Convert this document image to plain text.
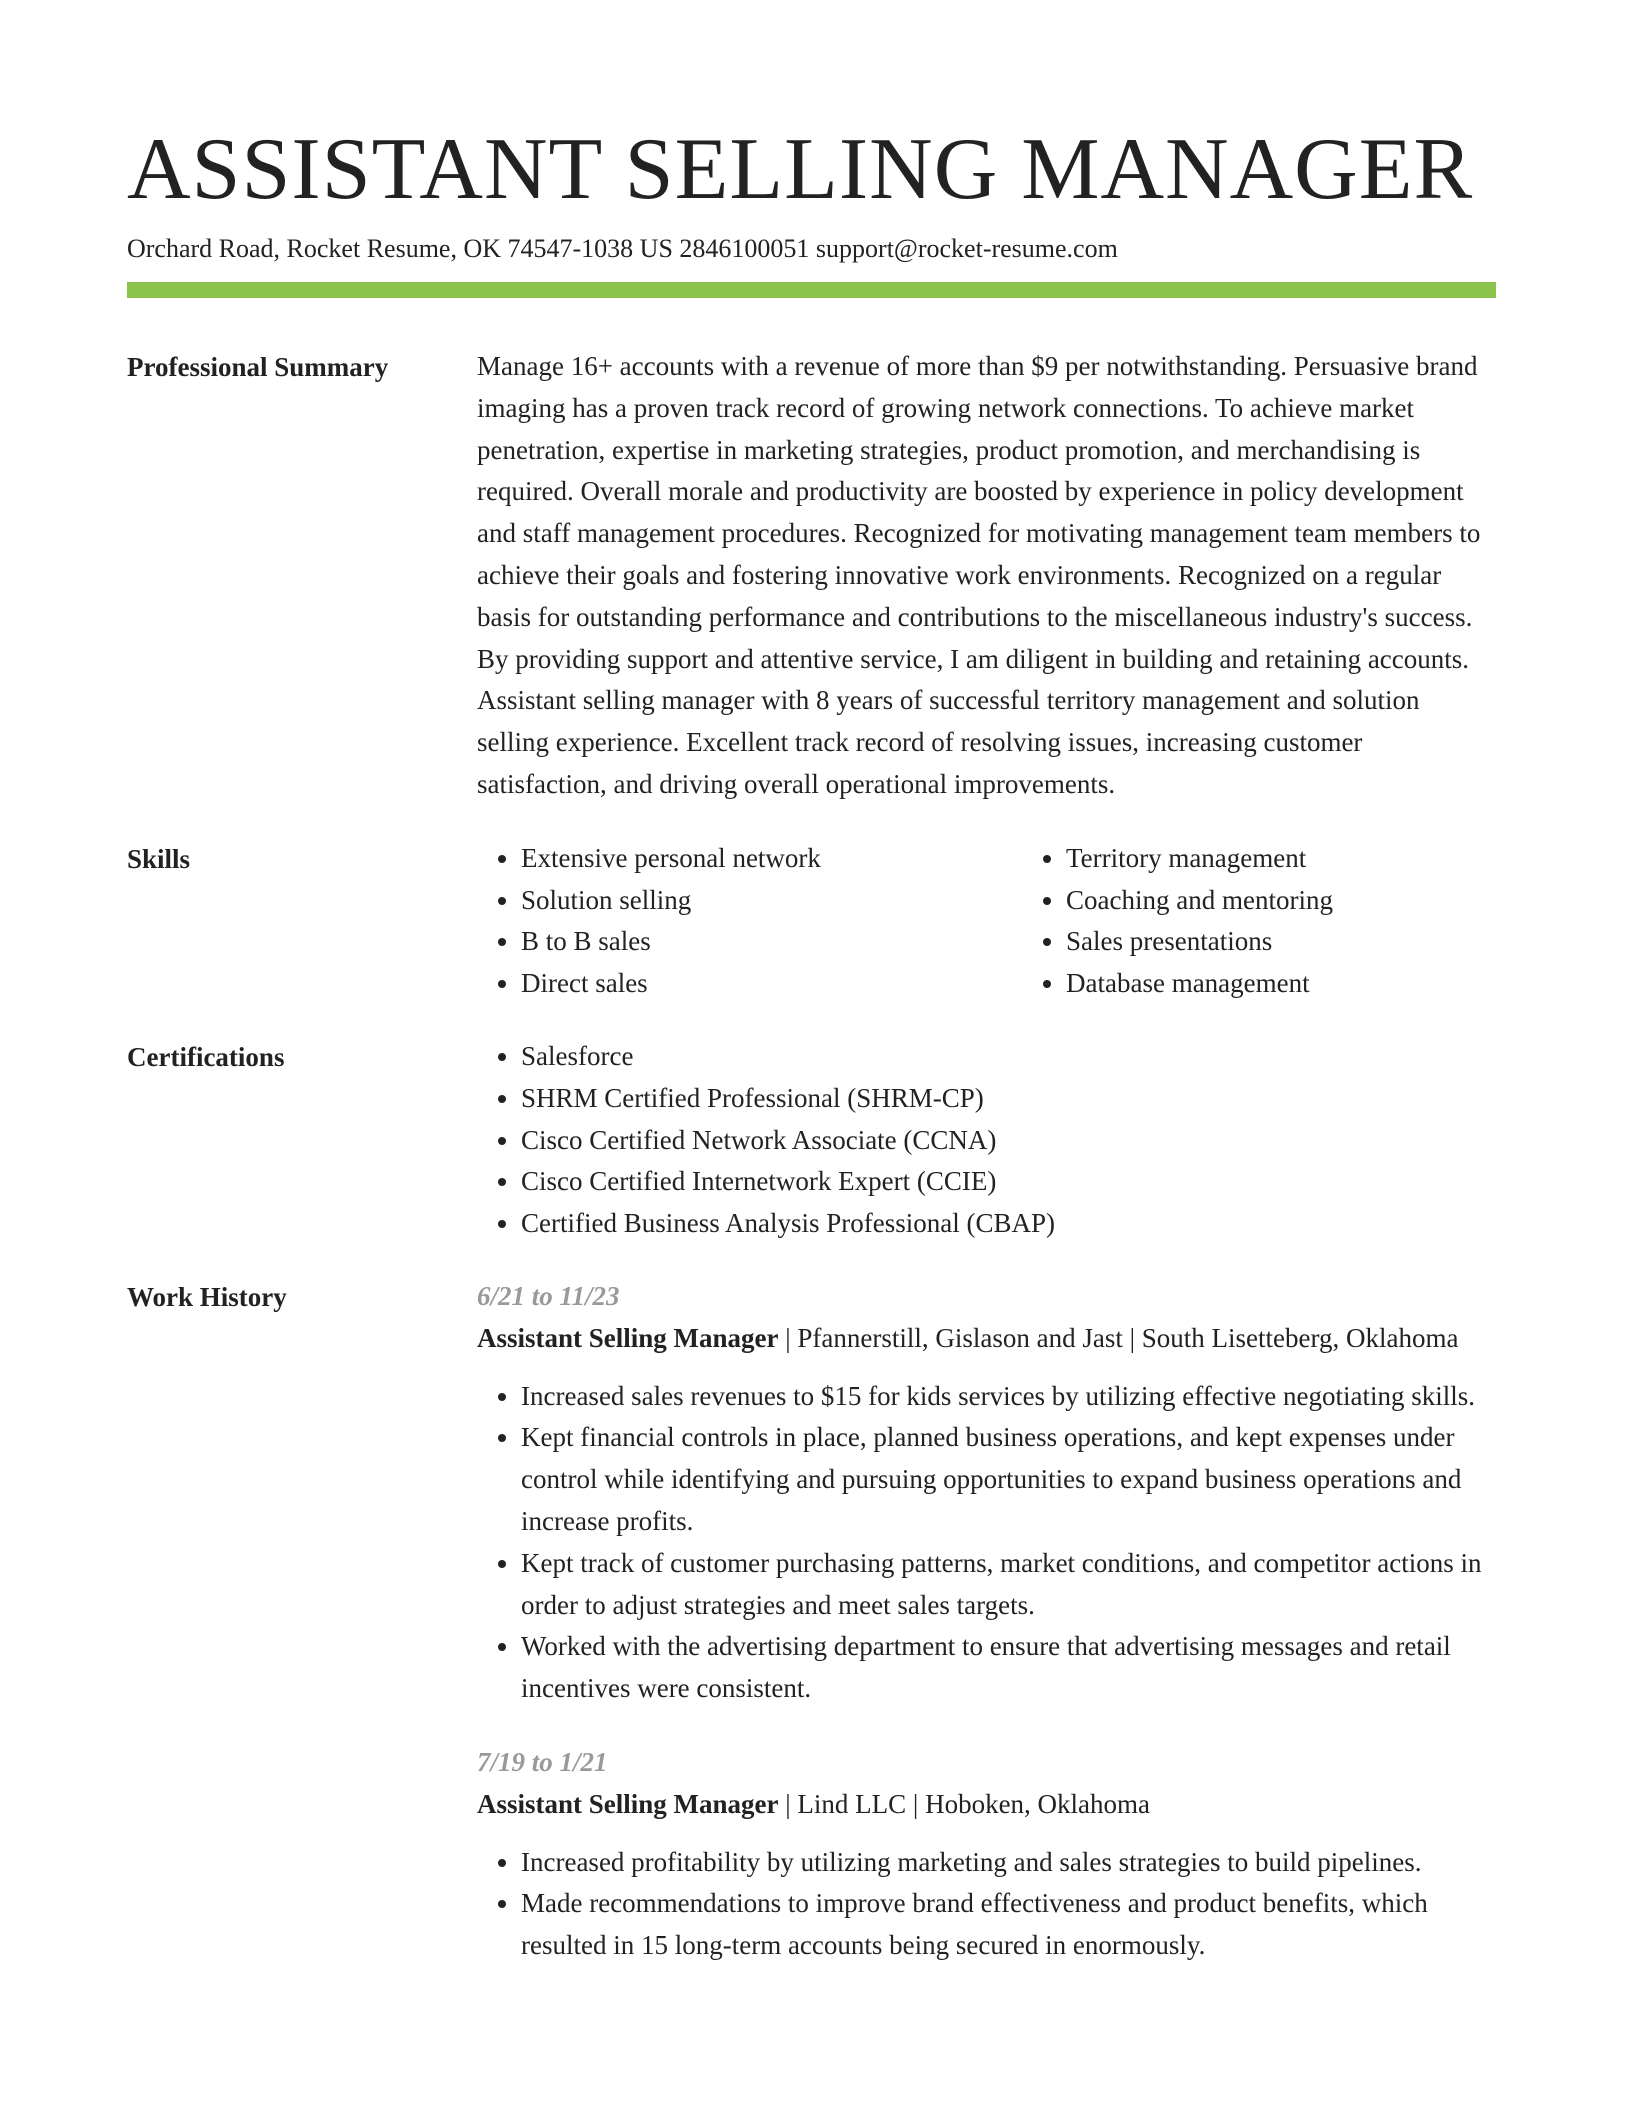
ASSISTANT SELLING MANAGER
Orchard Road, Rocket Resume, OK 74547-1038 US 2846100051 support@rocket-resume.com
Professional Summary	Manage 16+ accounts with a revenue of more than $9 per notwithstanding. Persuasive brand imaging has a proven track record of growing network connections. To achieve market penetration, expertise in marketing strategies, product promotion, and merchandising is required. Overall morale and productivity are boosted by experience in policy development and staff management procedures. Recognized for motivating management team members to achieve their goals and fostering innovative work environments. Recognized on a regular basis for outstanding performance and contributions to the miscellaneous industry's success. By providing support and attentive service, I am diligent in building and retaining accounts. Assistant selling manager with 8 years of successful territory management and solution selling experience. Excellent track record of resolving issues, increasing customer satisfaction, and driving overall operational improvements.

Skills	• Extensive personal network
• Solution selling
• B to B sales
• Direct sales
• Territory management
• Coaching and mentoring
• Sales presentations
• Database management
Certifications	• Salesforce
• SHRM Certified Professional (SHRM-CP)
• Cisco Certified Network Associate (CCNA)
• Cisco Certified Internetwork Expert (CCIE)
• Certified Business Analysis Professional (CBAP)
Work History	6/21 to 11/23
Assistant Selling Manager | Pfannerstill, Gislason and Jast | South Lisetteberg, Oklahoma
• Increased sales revenues to $15 for kids services by utilizing effective negotiating skills.
• Kept financial controls in place, planned business operations, and kept expenses under control while identifying and pursuing opportunities to expand business operations and increase profits.
• Kept track of customer purchasing patterns, market conditions, and competitor actions in order to adjust strategies and meet sales targets.
• Worked with the advertising department to ensure that advertising messages and retail incentives were consistent.
7/19 to 1/21
Assistant Selling Manager | Lind LLC | Hoboken, Oklahoma
• Increased profitability by utilizing marketing and sales strategies to build pipelines.
• Made recommendations to improve brand effectiveness and product benefits, which resulted in 15 long-term accounts being secured in enormously.
